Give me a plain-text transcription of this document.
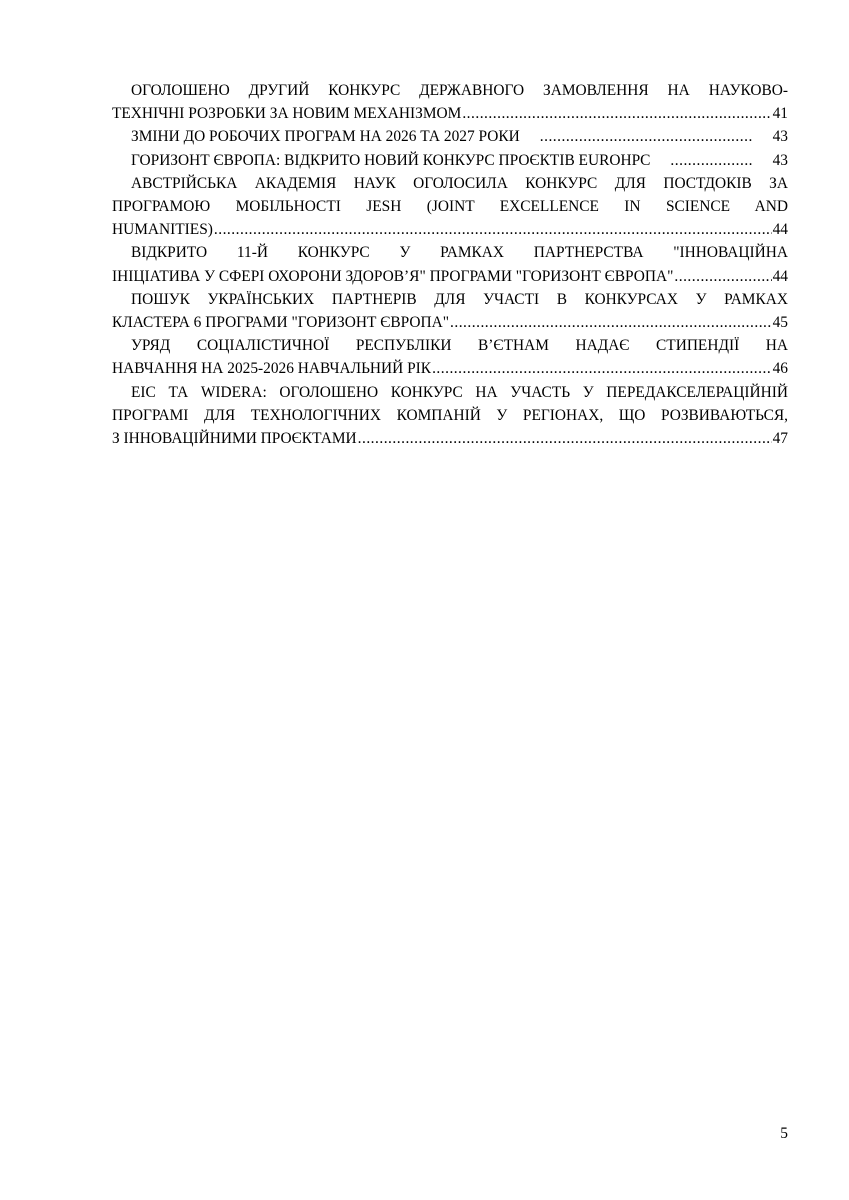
ОГОЛОШЕНО ДРУГИЙ КОНКУРС ДЕРЖАВНОГО ЗАМОВЛЕННЯ НА НАУКОВО-
ТЕХНІЧНІ РОЗРОБКИ ЗА НОВИМ МЕХАНІЗМОМ .....	41
ЗМІНИ ДО РОБОЧИХ ПРОГРАМ НА 2026 ТА 2027 РОКИ .....	43
ГОРИЗОНТ ЄВРОПА: ВІДКРИТО НОВИЙ КОНКУРС ПРОЄКТІВ EUROHPC .....	43
АВСТРІЙСЬКА АКАДЕМІЯ НАУК ОГОЛОСИЛА КОНКУРС ДЛЯ ПОСТДОКІВ ЗА
ПРОГРАМОЮ МОБІЛЬНОСТІ JESH (JOINT EXCELLENCE IN SCIENCE AND
HUMANITIES) .....	44
ВІДКРИТО 11-Й КОНКУРС У РАМКАХ ПАРТНЕРСТВА "ІННОВАЦІЙНА
ІНІЦІАТИВА У СФЕРІ ОХОРОНИ ЗДОРОВ’Я" ПРОГРАМИ "ГОРИЗОНТ ЄВРОПА" .....	44
ПОШУК УКРАЇНСЬКИХ ПАРТНЕРІВ ДЛЯ УЧАСТІ В КОНКУРСАХ У РАМКАХ
КЛАСТЕРА 6 ПРОГРАМИ "ГОРИЗОНТ ЄВРОПА" .....	45
УРЯД СОЦІАЛІСТИЧНОЇ РЕСПУБЛІКИ В’ЄТНАМ НАДАЄ СТИПЕНДІЇ НА
НАВЧАННЯ НА 2025-2026 НАВЧАЛЬНИЙ РІК .....	46
EIC ТА WIDERA: ОГОЛОШЕНО КОНКУРС НА УЧАСТЬ У ПЕРЕДАКСЕЛЕРАЦІЙНІЙ
ПРОГРАМІ ДЛЯ ТЕХНОЛОГІЧНИХ КОМПАНІЙ У РЕГІОНАХ, ЩО РОЗВИВАЮТЬСЯ,
З ІННОВАЦІЙНИМИ ПРОЄКТАМИ .....	47
5
